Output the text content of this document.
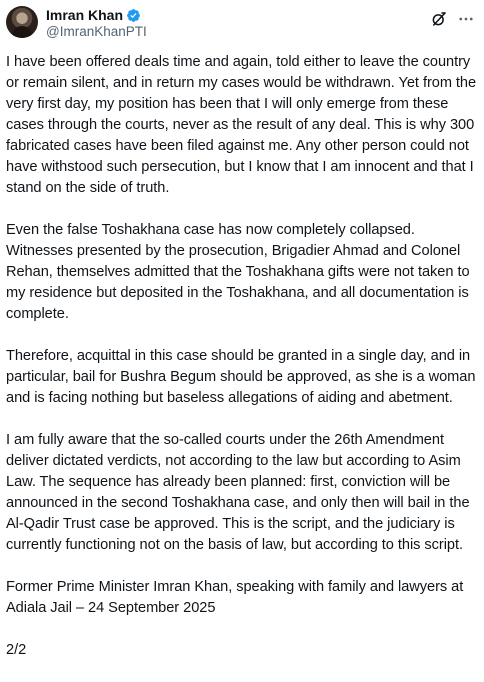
Imran Khan
@ImranKhanPTI

I have been offered deals time and again, told either to leave the country or remain silent, and in return my cases would be withdrawn. Yet from the very first day, my position has been that I will only emerge from these cases through the courts, never as the result of any deal. This is why 300 fabricated cases have been filed against me. Any other person could not have withstood such persecution, but I know that I am innocent and that I stand on the side of truth.

Even the false Toshakhana case has now completely collapsed. Witnesses presented by the prosecution, Brigadier Ahmad and Colonel Rehan, themselves admitted that the Toshakhana gifts were not taken to my residence but deposited in the Toshakhana, and all documentation is complete.

Therefore, acquittal in this case should be granted in a single day, and in particular, bail for Bushra Begum should be approved, as she is a woman and is facing nothing but baseless allegations of aiding and abetment.

I am fully aware that the so-called courts under the 26th Amendment deliver dictated verdicts, not according to the law but according to Asim Law. The sequence has already been planned: first, conviction will be announced in the second Toshakhana case, and only then will bail in the Al-Qadir Trust case be approved. This is the script, and the judiciary is currently functioning not on the basis of law, but according to this script.

Former Prime Minister Imran Khan, speaking with family and lawyers at Adiala Jail – 24 September 2025

2/2
